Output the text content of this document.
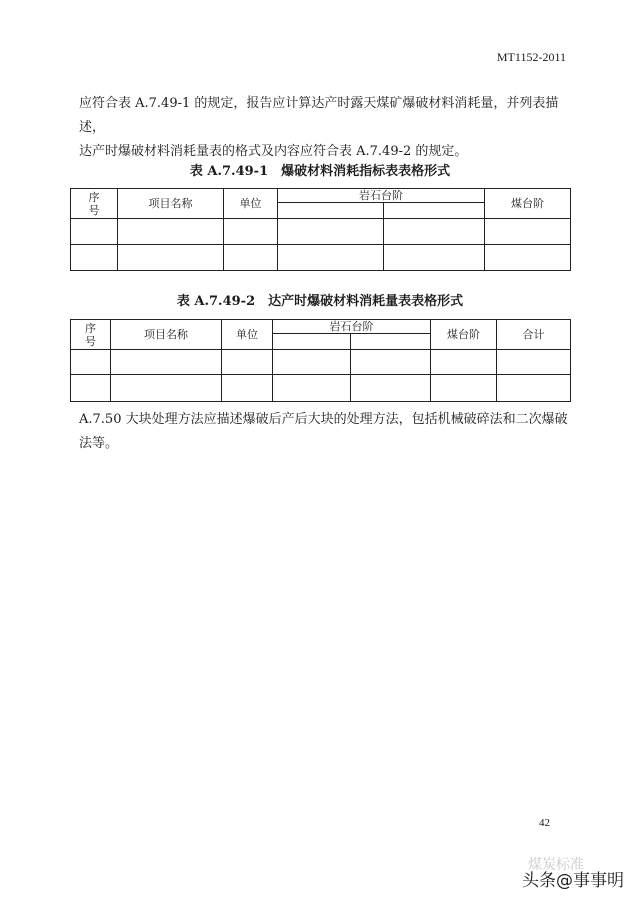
MT1152-2011

应符合表 A.7.49-1 的规定，报告应计算达产时露天煤矿爆破材料消耗量，并列表描述，

达产时爆破材料消耗量表的格式及内容应符合表 A.7.49-2 的规定。

表 A.7.49-1　爆破材料消耗指标表表格形式
序号	项目名称	单位	岩石台阶		煤台阶

表 A.7.49-2　达产时爆破材料消耗量表表格形式
序号	项目名称	单位	岩石台阶		煤台阶	合计

A.7.50 大块处理方法应描述爆破后产后大块的处理方法，包括机械破碎法和二次爆破

法等。

42
煤炭标准
头条@事事明
